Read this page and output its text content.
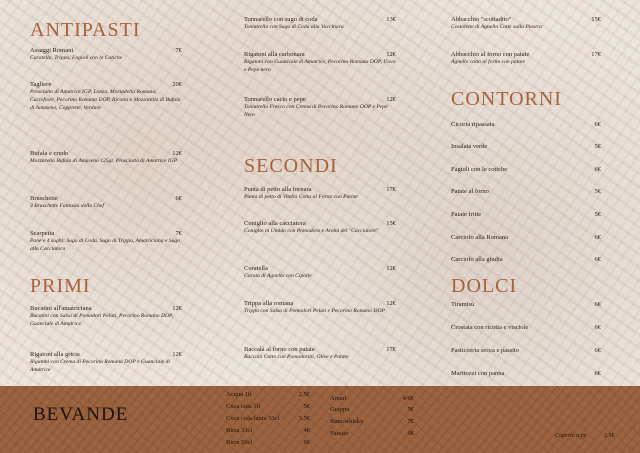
ANTIPASTI
Assaggi Romani	7€
Coratella, Trippa, Fagioli con le Cotiche
Tagliere	20€
Prosciutto di Amatrice IGP, Lonza, Mortadella Romana, Caciofiore, Pecorino Romano DOP, Ricotta e Mozzarella di Bufala di Amaseno, Coppiette, Verdure
Bufala e crudo	12€
Mozzarella Bufala di Amaseno 125gr, Prosciutto di Amatrice IGP
Bruschette	6€
3 Bruschette Fantasia dello Chef
Scarpetta	7€
Pane e 4 sughi: Sugo di Coda, Sugo di Trippa, Amatriciana e Sugo alla Cacciatora
PRIMI
Bucatini all'amatriciana	12€
Bucatini con Salsa di Pomodori Pelati, Pecorino Romano DOP, Guanciale di Amatrice
Rigatoni alla gricia	12€
Rigatoni con Crema di Pecorino Romano DOP e Guanciale di Amatrice
Tonnarello con sugo di coda	13€
Tonnarello con Sugo di Coda alla Vaccinara
Rigatoni alla carbonara	12€
Rigatoni con Guanciale di Amatrice, Pecorino Romano DOP, Uovo e Pepe nero
Tonnarello cacio e pepe	12€
Tonnarello Fresco con Crema di Pecorino Romano DOP e Pepe Nero
SECONDI
Punta di petto alla fornara	17€
Punta di petto di Vitella Cotta al Forno con Patate
Coniglio alla cacciatora	15€
Coniglio in Umido con Pomodoro e Aromi del "Cacciatore"
Coratella	12€
Corata di Agnello con Cipolle
Trippa alla romana	12€
Trippa con Salsa di Pomodori Pelati e Pecorino Romano DOP
Baccalà al forno con patate	17€
Baccalà Cotto con Pomodorini, Olive e Patate
Abbacchio "scottadito"	15€
Costolette di Agnello Cotte sulla Piastra
Abbacchio al forno con patate	17€
Agnello cotto al forno con patate
CONTORNI
Cicoria ripassata	6€
Insalata verde	5€
Fagioli con le cotiche	6€
Patate al forno	5€
Patate fritte	5€
Carciofo alla Romana	6€
Carciofo alla giudia	6€
DOLCI
Tiramisù	6€
Crostata con ricotta e visciole	6€
Pasticceria secca e passito	6€
Maritozzi con panna	6€
BEVANDE
Acqua 1lt	2.5€
Coca cola 1lt	5€
Coca cola/fanta 33cl	3.5€
Birra 33cl	4€
Birra 50cl	6€
Amari	4/6€
Grappa	5€
Rum/whisky	7€
Passito	6€	Coperto a pp	2.5€
